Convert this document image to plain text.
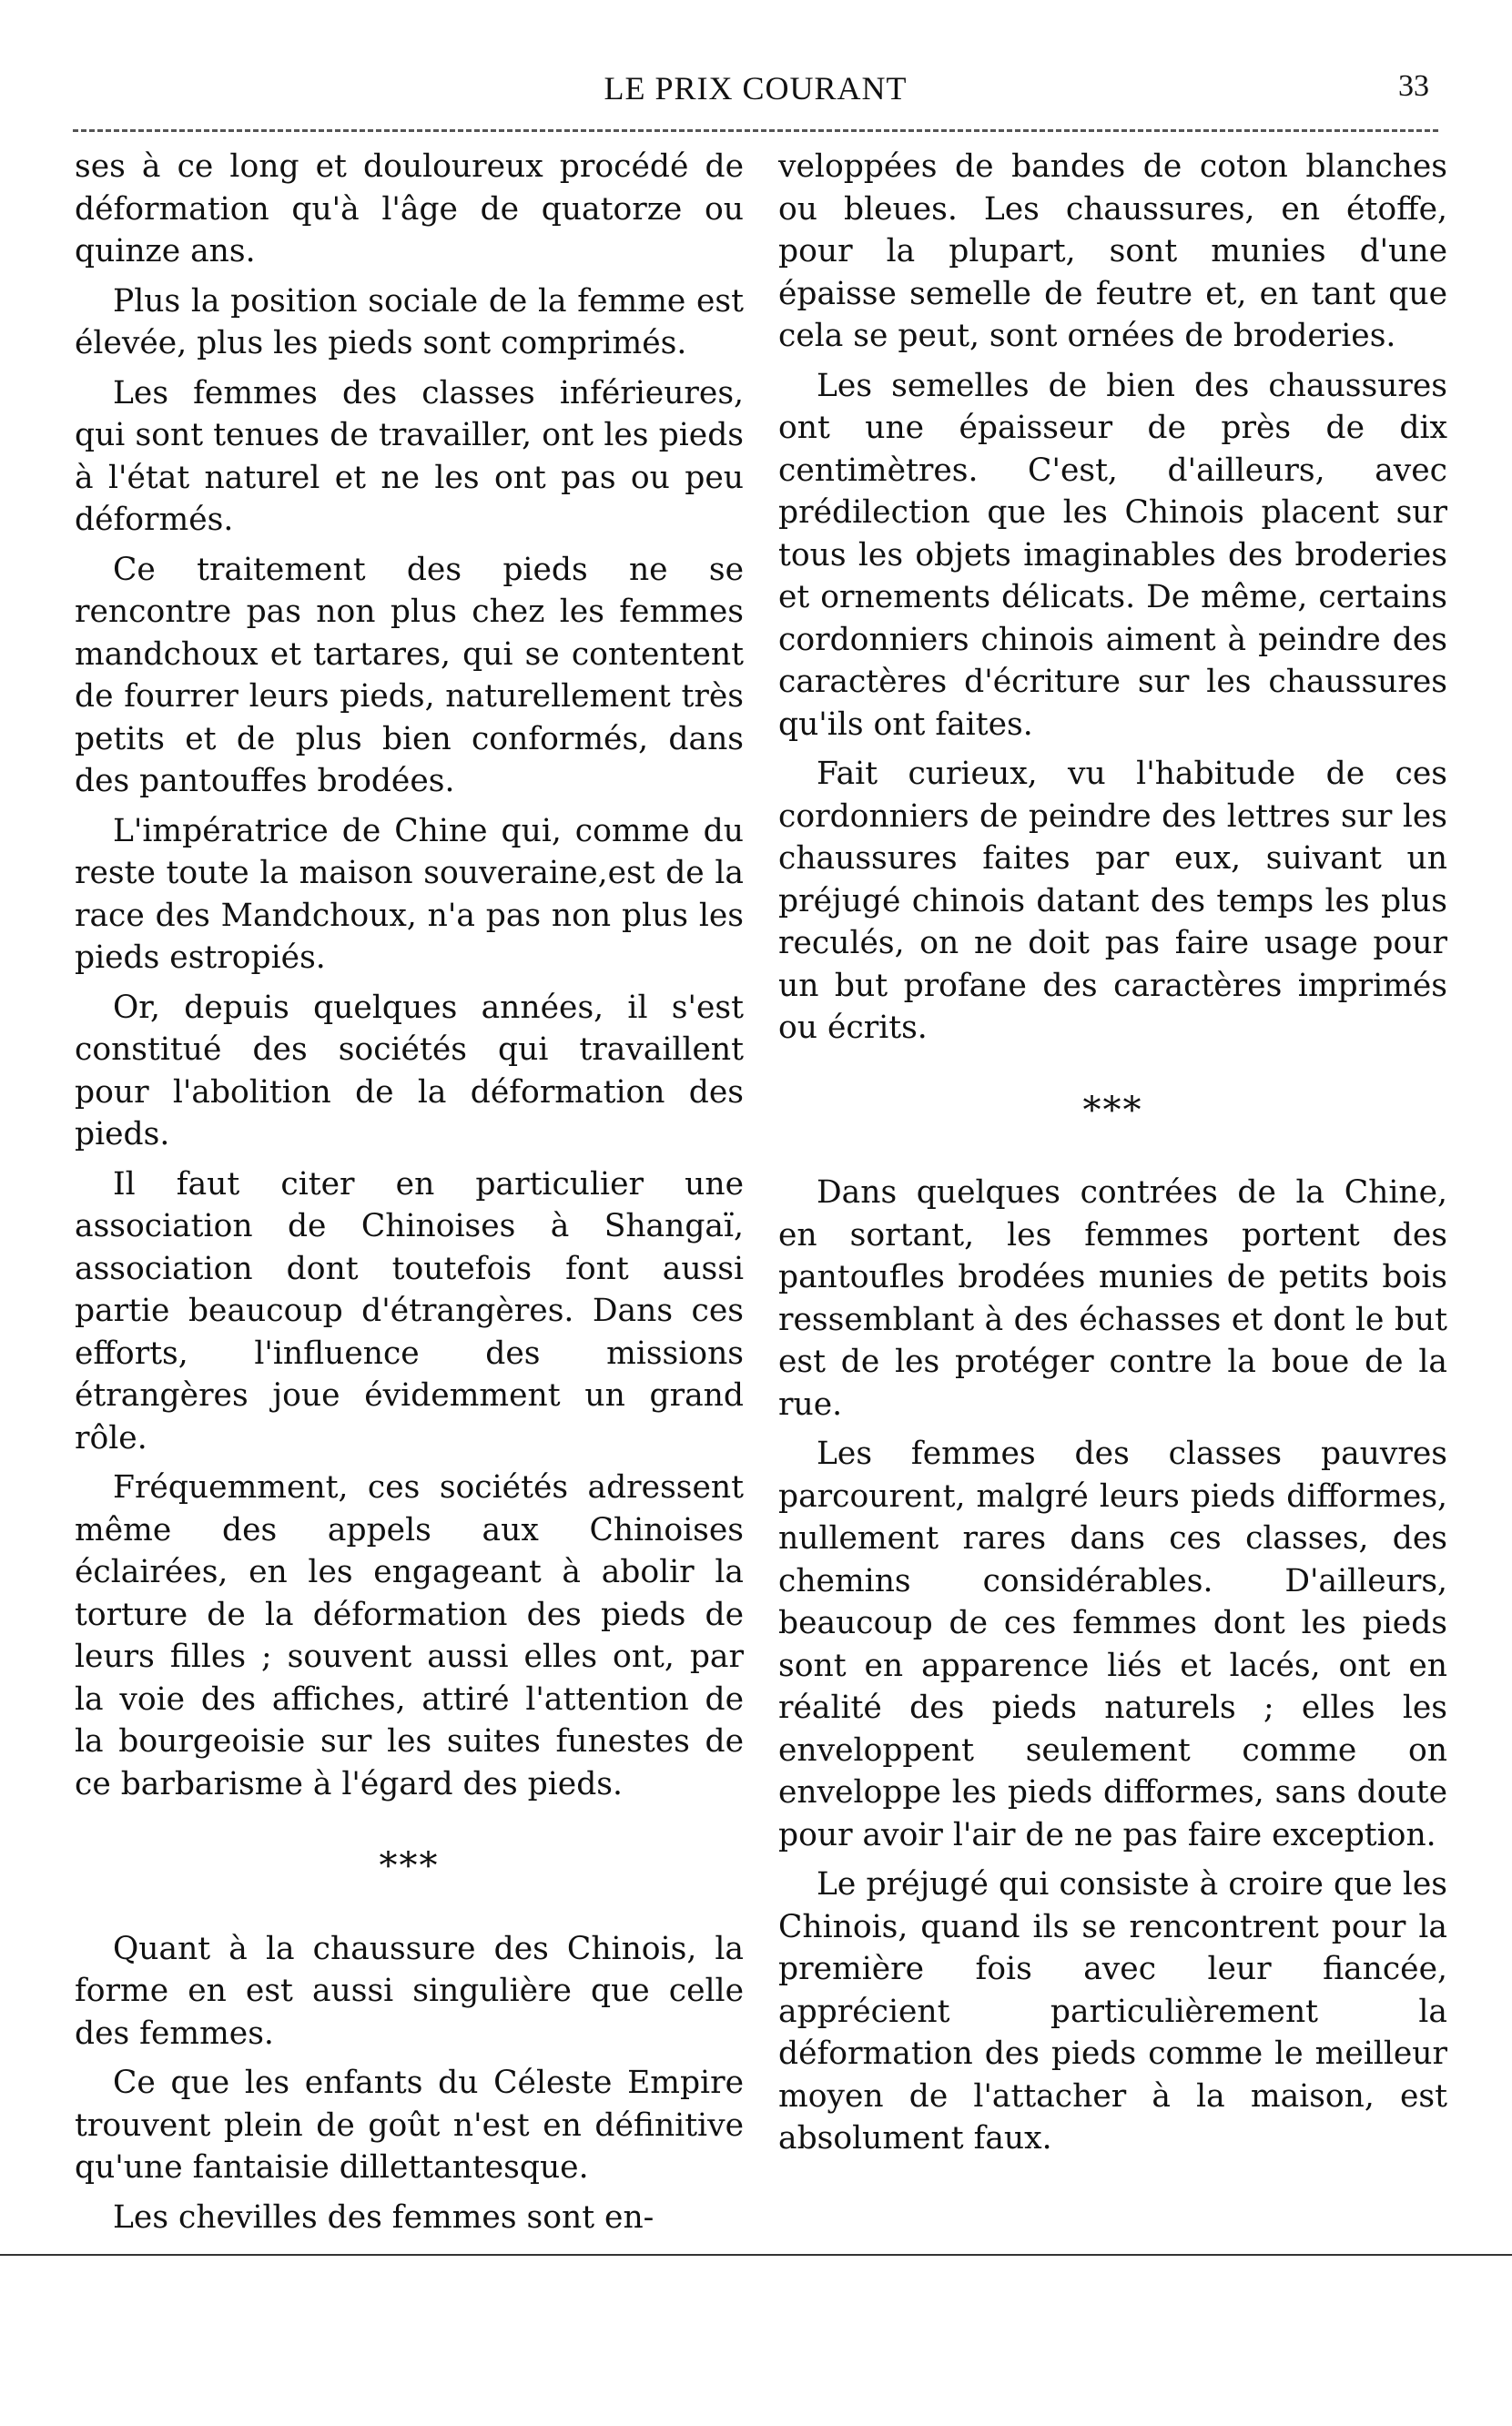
LE PRIX COURANT	33

ses à ce long et douloureux procédé de déformation qu'à l'âge de quatorze ou quinze ans.

Plus la position sociale de la femme est élevée, plus les pieds sont comprimés.

Les femmes des classes inférieures, qui sont tenues de travailler, ont les pieds à l'état naturel et ne les ont pas ou peu déformés.

Ce traitement des pieds ne se rencontre pas non plus chez les femmes mandchoux et tartares, qui se contentent de fourrer leurs pieds, naturellement très petits et de plus bien conformés, dans des pantouffes brodées.

L'impératrice de Chine qui, comme du reste toute la maison souveraine,est de la race des Mandchoux, n'a pas non plus les pieds estropiés.

Or, depuis quelques années, il s'est constitué des sociétés qui travaillent pour l'abolition de la déformation des pieds.

Il faut citer en particulier une association de Chinoises à Shangaï, association dont toutefois font aussi partie beaucoup d'étrangères. Dans ces efforts, l'influence des missions étrangères joue évidemment un grand rôle.

Fréquemment, ces sociétés adressent même des appels aux Chinoises éclairées, en les engageant à abolir la torture de la déformation des pieds de leurs filles ; souvent aussi elles ont, par la voie des affiches, attiré l'attention de la bourgeoisie sur les suites funestes de ce barbarisme à l'égard des pieds.

***

Quant à la chaussure des Chinois, la forme en est aussi singulière que celle des femmes.

Ce que les enfants du Céleste Empire trouvent plein de goût n'est en définitive qu'une fantaisie dillettantesque.

Les chevilles des femmes sont en-

veloppées de bandes de coton blanches ou bleues. Les chaussures, en étoffe, pour la plupart, sont munies d'une épaisse semelle de feutre et, en tant que cela se peut, sont ornées de broderies.

Les semelles de bien des chaussures ont une épaisseur de près de dix centimètres. C'est, d'ailleurs, avec prédilection que les Chinois placent sur tous les objets imaginables des broderies et ornements délicats. De même, certains cordonniers chinois aiment à peindre des caractères d'écriture sur les chaussures qu'ils ont faites.

Fait curieux, vu l'habitude de ces cordonniers de peindre des lettres sur les chaussures faites par eux, suivant un préjugé chinois datant des temps les plus reculés, on ne doit pas faire usage pour un but profane des caractères imprimés ou écrits.

***

Dans quelques contrées de la Chine, en sortant, les femmes portent des pantoufles brodées munies de petits bois ressemblant à des échasses et dont le but est de les protéger contre la boue de la rue.

Les femmes des classes pauvres parcourent, malgré leurs pieds difformes, nullement rares dans ces classes, des chemins considérables. D'ailleurs, beaucoup de ces femmes dont les pieds sont en apparence liés et lacés, ont en réalité des pieds naturels ; elles les enveloppent seulement comme on enveloppe les pieds difformes, sans doute pour avoir l'air de ne pas faire exception.

Le préjugé qui consiste à croire que les Chinois, quand ils se rencontrent pour la première fois avec leur fiancée, apprécient particulièrement la déformation des pieds comme le meilleur moyen de l'attacher à la maison, est absolument faux.
